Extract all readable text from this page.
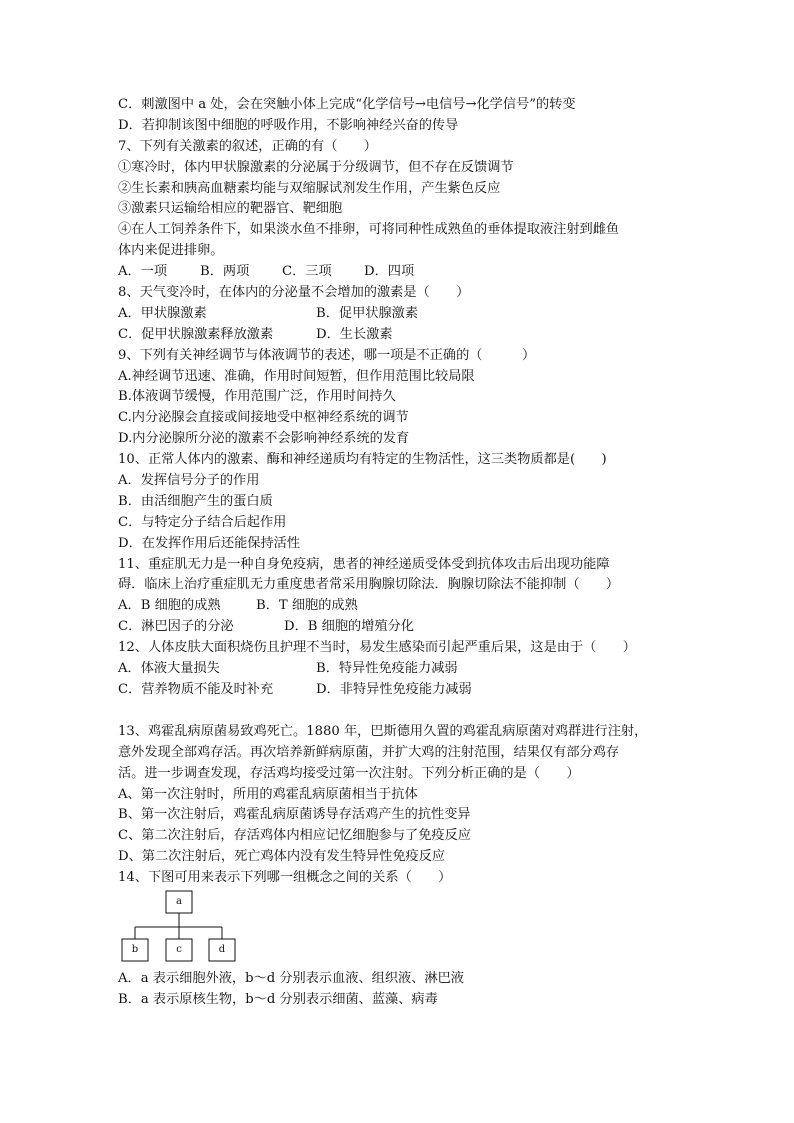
C．刺激图中 a 处，会在突触小体上完成“化学信号→电信号→化学信号”的转变
D．若抑制该图中细胞的呼吸作用，不影响神经兴奋的传导
7、下列有关激素的叙述，正确的有（　　）
①寒冷时，体内甲状腺激素的分泌属于分级调节，但不存在反馈调节
②生长素和胰高血糖素均能与双缩脲试剂发生作用，产生紫色反应
③激素只运输给相应的靶器官、靶细胞
④在人工饲养条件下，如果淡水鱼不排卵，可将同种性成熟鱼的垂体提取液注射到雌鱼
体内来促进排卵。
A．一项	B．两项	C．三项	D．四项
8、天气变冷时，在体内的分泌量不会增加的激素是（　　）
A．甲状腺激素	B．促甲状腺激素
C．促甲状腺激素释放激素	D．生长激素
9、下列有关神经调节与体液调节的表述，哪一项是不正确的（　　　）
A.神经调节迅速、准确，作用时间短暂，但作用范围比较局限
B.体液调节缓慢，作用范围广泛，作用时间持久
C.内分泌腺会直接或间接地受中枢神经系统的调节
D.内分泌腺所分泌的激素不会影响神经系统的发育
10、正常人体内的激素、酶和神经递质均有特定的生物活性，这三类物质都是(　　)
A．发挥信号分子的作用
B．由活细胞产生的蛋白质
C．与特定分子结合后起作用
D．在发挥作用后还能保持活性
11、重症肌无力是一种自身免疫病，患者的神经递质受体受到抗体攻击后出现功能障
碍．临床上治疗重症肌无力重度患者常采用胸腺切除法．胸腺切除法不能抑制（　　）
A．B 细胞的成熟	B．T 细胞的成熟
C．淋巴因子的分泌	D．B 细胞的增殖分化
12、人体皮肤大面积烧伤且护理不当时，易发生感染而引起严重后果，这是由于（　　）
A．体液大量损失	B．特异性免疫能力减弱
C．营养物质不能及时补充	D．非特异性免疫能力减弱
13、鸡霍乱病原菌易致鸡死亡。1880 年，巴斯德用久置的鸡霍乱病原菌对鸡群进行注射，
意外发现全部鸡存活。再次培养新鲜病原菌，并扩大鸡的注射范围，结果仅有部分鸡存
活。进一步调查发现，存活鸡均接受过第一次注射。下列分析正确的是（　　）
A、第一次注射时，所用的鸡霍乱病原菌相当于抗体
B、第一次注射后，鸡霍乱病原菌诱导存活鸡产生的抗性变异
C、第二次注射后，存活鸡体内相应记忆细胞参与了免疫反应
D、第二次注射后，死亡鸡体内没有发生特异性免疫反应
14、下图可用来表示下列哪一组概念之间的关系（　　）
a
b	c	d
A．a 表示细胞外液，b～d 分别表示血液、组织液、淋巴液
B．a 表示原核生物，b～d 分别表示细菌、蓝藻、病毒
